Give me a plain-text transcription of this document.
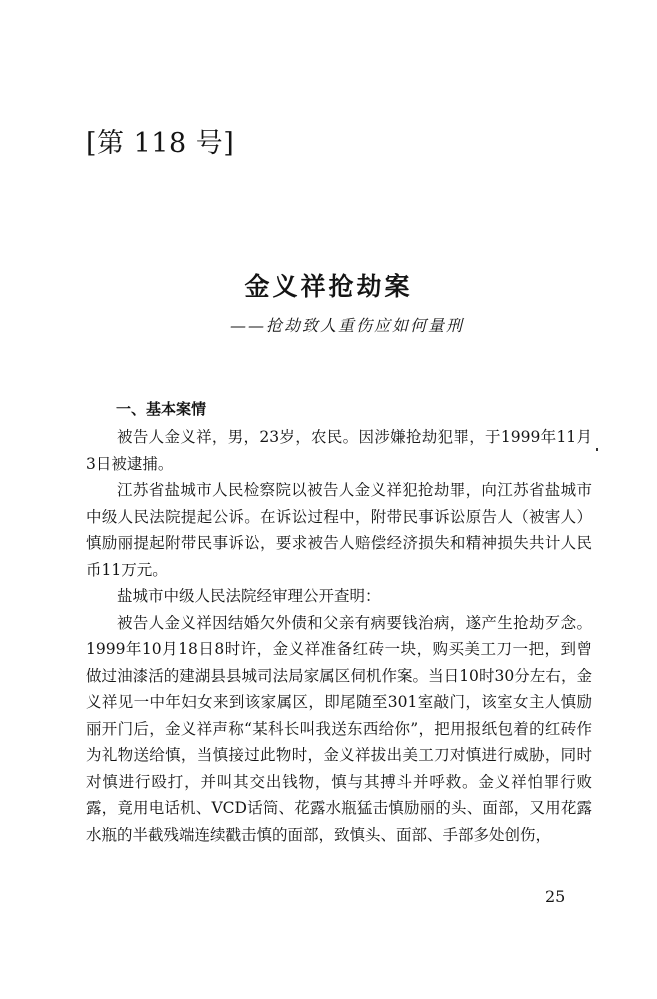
[第 118 号]
金义祥抢劫案
——抢劫致人重伤应如何量刑
一、基本案情

被告人金义祥，男，23岁，农民。因涉嫌抢劫犯罪，于1999年11月3日被逮捕。

江苏省盐城市人民检察院以被告人金义祥犯抢劫罪，向江苏省盐城市中级人民法院提起公诉。在诉讼过程中，附带民事诉讼原告人（被害人）慎励丽提起附带民事诉讼，要求被告人赔偿经济损失和精神损失共计人民币11万元。

盐城市中级人民法院经审理公开查明：

被告人金义祥因结婚欠外债和父亲有病要钱治病，遂产生抢劫歹念。1999年10月18日8时许，金义祥准备红砖一块，购买美工刀一把，到曾做过油漆活的建湖县县城司法局家属区伺机作案。当日10时30分左右，金义祥见一中年妇女来到该家属区，即尾随至301室敲门，该室女主人慎励丽开门后，金义祥声称“某科长叫我送东西给你”，把用报纸包着的红砖作为礼物送给慎，当慎接过此物时，金义祥拔出美工刀对慎进行威胁，同时对慎进行殴打，并叫其交出钱物，慎与其搏斗并呼救。金义祥怕罪行败露，竟用电话机、VCD话筒、花露水瓶猛击慎励丽的头、面部，又用花露水瓶的半截残端连续戳击慎的面部，致慎头、面部、手部多处创伤，

25
